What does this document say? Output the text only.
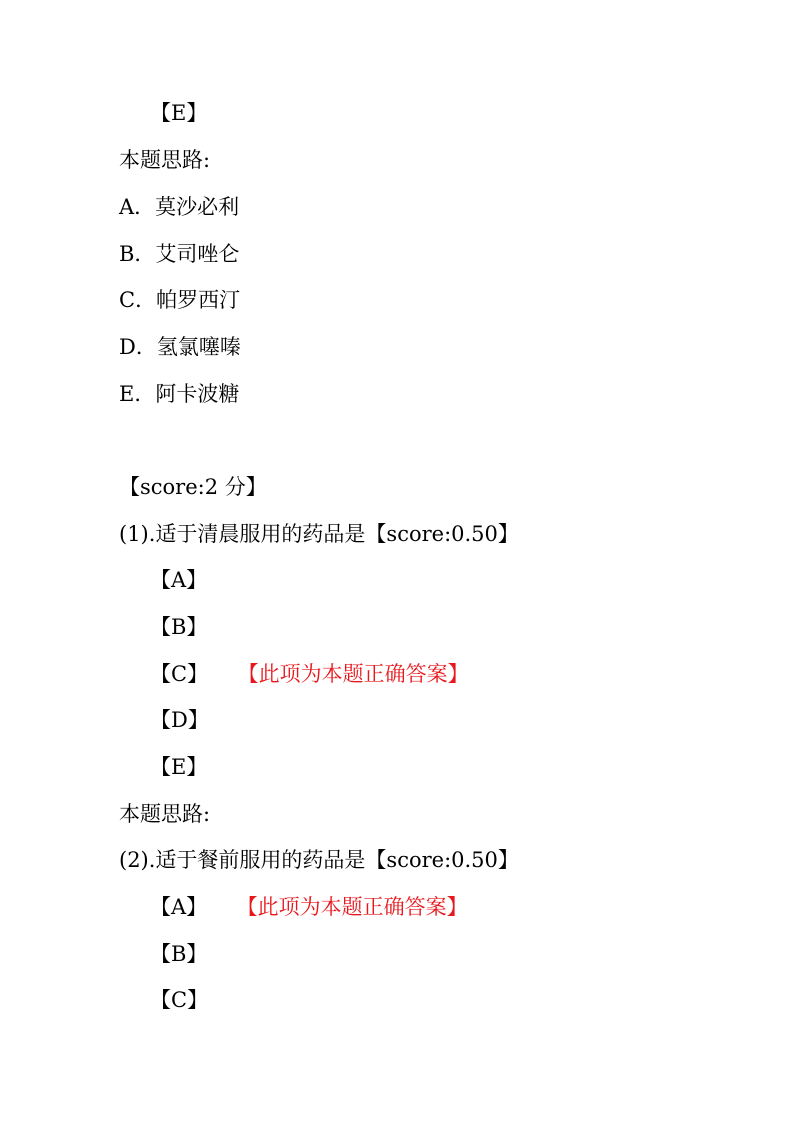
【E】
本题思路:
A．莫沙必利
B．艾司唑仑
C．帕罗西汀
D．氢氯噻嗪
E．阿卡波糖
【score:2 分】
(1).适于清晨服用的药品是【score:0.50】
【A】
【B】
【C】 【此项为本题正确答案】
【D】
【E】
本题思路:
(2).适于餐前服用的药品是【score:0.50】
【A】 【此项为本题正确答案】
【B】
【C】
